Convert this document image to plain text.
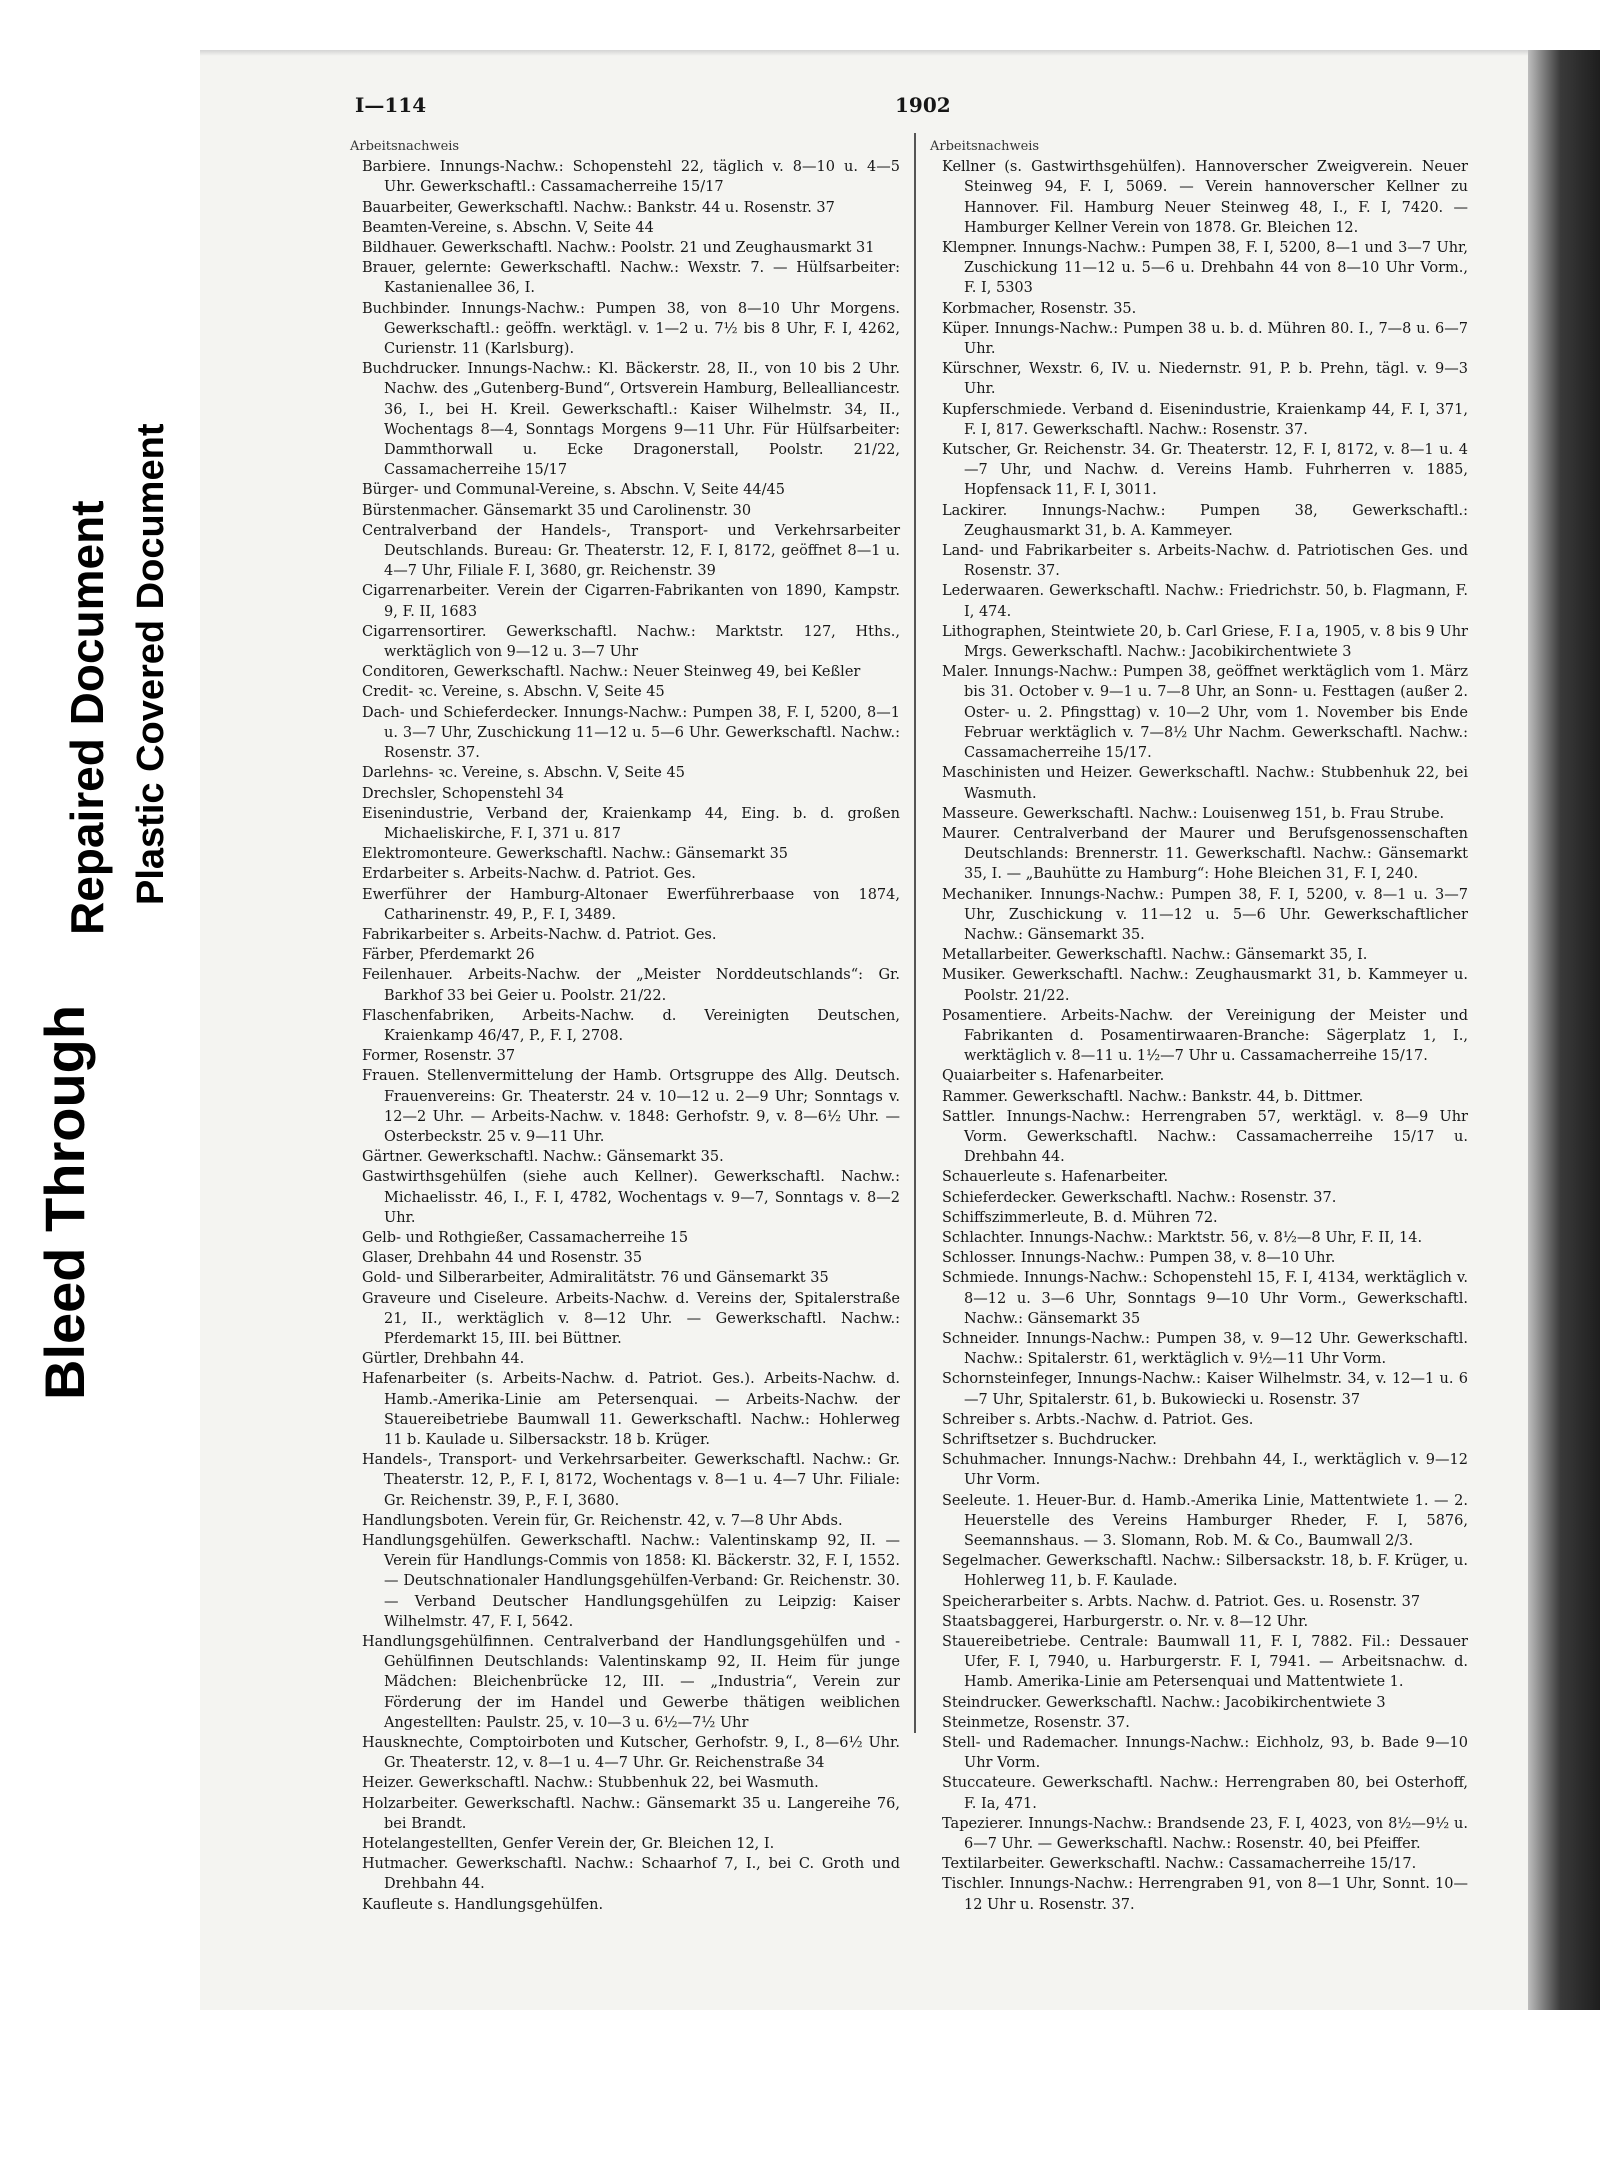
Bleed Through
Repaired Document Plastic Covered Document
I—114	1902
Arbeitsnachweis

Barbiere. Innungs-Nachw.: Schopenstehl 22, täglich v. 8—10 u. 4—5 Uhr. Gewerkschaftl.: Cassamacherreihe 15/17

Bauarbeiter, Gewerkschaftl. Nachw.: Bankstr. 44 u. Rosenstr. 37

Beamten-Vereine, s. Abschn. V, Seite 44

Bildhauer. Gewerkschaftl. Nachw.: Poolstr. 21 und Zeughausmarkt 31

Brauer, gelernte: Gewerkschaftl. Nachw.: Wexstr. 7. — Hülfsarbeiter: Kastanienallee 36, I.

Buchbinder. Innungs-Nachw.: Pumpen 38, von 8—10 Uhr Morgens. Gewerkschaftl.: geöffn. werktägl. v. 1—2 u. 7½ bis 8 Uhr, F. I, 4262, Curienstr. 11 (Karlsburg).

Buchdrucker. Innungs-Nachw.: Kl. Bäckerstr. 28, II., von 10 bis 2 Uhr. Nachw. des „Gutenberg-Bund“, Ortsverein Hamburg, Bellealliancestr. 36, I., bei H. Kreil. Gewerkschaftl.: Kaiser Wilhelmstr. 34, II., Wochentags 8—4, Sonntags Morgens 9—11 Uhr. Für Hülfsarbeiter: Dammthorwall u. Ecke Dragonerstall, Poolstr. 21/22, Cassamacherreihe 15/17

Bürger- und Communal-Vereine, s. Abschn. V, Seite 44/45

Bürstenmacher. Gänsemarkt 35 und Carolinenstr. 30

Centralverband der Handels-, Transport- und Verkehrsarbeiter Deutschlands. Bureau: Gr. Theaterstr. 12, F. I, 8172, geöffnet 8—1 u. 4—7 Uhr, Filiale F. I, 3680, gr. Reichenstr. 39

Cigarrenarbeiter. Verein der Cigarren-Fabrikanten von 1890, Kampstr. 9, F. II, 1683

Cigarrensortirer. Gewerkschaftl. Nachw.: Marktstr. 127, Hths., werktäglich von 9—12 u. 3—7 Uhr

Conditoren, Gewerkschaftl. Nachw.: Neuer Steinweg 49, bei Keßler

Credit- ꝛc. Vereine, s. Abschn. V, Seite 45

Dach- und Schieferdecker. Innungs-Nachw.: Pumpen 38, F. I, 5200, 8—1 u. 3—7 Uhr, Zuschickung 11—12 u. 5—6 Uhr. Gewerkschaftl. Nachw.: Rosenstr. 37.

Darlehns- ꝛc. Vereine, s. Abschn. V, Seite 45

Drechsler, Schopenstehl 34

Eisenindustrie, Verband der, Kraienkamp 44, Eing. b. d. großen Michaeliskirche, F. I, 371 u. 817

Elektromonteure. Gewerkschaftl. Nachw.: Gänsemarkt 35

Erdarbeiter s. Arbeits-Nachw. d. Patriot. Ges.

Ewerführer der Hamburg-Altonaer Ewerführerbaase von 1874, Catharinenstr. 49, P., F. I, 3489.

Fabrikarbeiter s. Arbeits-Nachw. d. Patriot. Ges.

Färber, Pferdemarkt 26

Feilenhauer. Arbeits-Nachw. der „Meister Norddeutschlands“: Gr. Barkhof 33 bei Geier u. Poolstr. 21/22.

Flaschenfabriken, Arbeits-Nachw. d. Vereinigten Deutschen, Kraienkamp 46/47, P., F. I, 2708.

Former, Rosenstr. 37

Frauen. Stellenvermittelung der Hamb. Ortsgruppe des Allg. Deutsch. Frauenvereins: Gr. Theaterstr. 24 v. 10—12 u. 2—9 Uhr; Sonntags v. 12—2 Uhr. — Arbeits-Nachw. v. 1848: Gerhofstr. 9, v. 8—6½ Uhr. — Osterbeckstr. 25 v. 9—11 Uhr.

Gärtner. Gewerkschaftl. Nachw.: Gänsemarkt 35.

Gastwirthsgehülfen (siehe auch Kellner). Gewerkschaftl. Nachw.: Michaelisstr. 46, I., F. I, 4782, Wochentags v. 9—7, Sonntags v. 8—2 Uhr.

Gelb- und Rothgießer, Cassamacherreihe 15

Glaser, Drehbahn 44 und Rosenstr. 35

Gold- und Silberarbeiter, Admiralitätstr. 76 und Gänsemarkt 35

Graveure und Ciseleure. Arbeits-Nachw. d. Vereins der, Spitalerstraße 21, II., werktäglich v. 8—12 Uhr. — Gewerkschaftl. Nachw.: Pferdemarkt 15, III. bei Büttner.

Gürtler, Drehbahn 44.

Hafenarbeiter (s. Arbeits-Nachw. d. Patriot. Ges.). Arbeits-Nachw. d. Hamb.-Amerika-Linie am Petersenquai. — Arbeits-Nachw. der Stauereibetriebe Baumwall 11. Gewerkschaftl. Nachw.: Hohlerweg 11 b. Kaulade u. Silbersackstr. 18 b. Krüger.

Handels-, Transport- und Verkehrsarbeiter. Gewerkschaftl. Nachw.: Gr. Theaterstr. 12, P., F. I, 8172, Wochentags v. 8—1 u. 4—7 Uhr. Filiale: Gr. Reichenstr. 39, P., F. I, 3680.

Handlungsboten. Verein für, Gr. Reichenstr. 42, v. 7—8 Uhr Abds.

Handlungsgehülfen. Gewerkschaftl. Nachw.: Valentinskamp 92, II. — Verein für Handlungs-Commis von 1858: Kl. Bäckerstr. 32, F. I, 1552. — Deutschnationaler Handlungsgehülfen-Verband: Gr. Reichenstr. 30. — Verband Deutscher Handlungsgehülfen zu Leipzig: Kaiser Wilhelmstr. 47, F. I, 5642.

Handlungsgehülfinnen. Centralverband der Handlungsgehülfen und -Gehülfinnen Deutschlands: Valentinskamp 92, II. Heim für junge Mädchen: Bleichenbrücke 12, III. — „Industria“, Verein zur Förderung der im Handel und Gewerbe thätigen weiblichen Angestellten: Paulstr. 25, v. 10—3 u. 6½—7½ Uhr

Hausknechte, Comptoirboten und Kutscher, Gerhofstr. 9, I., 8—6½ Uhr. Gr. Theaterstr. 12, v. 8—1 u. 4—7 Uhr. Gr. Reichenstraße 34

Heizer. Gewerkschaftl. Nachw.: Stubbenhuk 22, bei Wasmuth.

Holzarbeiter. Gewerkschaftl. Nachw.: Gänsemarkt 35 u. Langereihe 76, bei Brandt.

Hotelangestellten, Genfer Verein der, Gr. Bleichen 12, I.

Hutmacher. Gewerkschaftl. Nachw.: Schaarhof 7, I., bei C. Groth und Drehbahn 44.

Kaufleute s. Handlungsgehülfen.

Arbeitsnachweis

Kellner (s. Gastwirthsgehülfen). Hannoverscher Zweigverein. Neuer Steinweg 94, F. I, 5069. — Verein hannoverscher Kellner zu Hannover. Fil. Hamburg Neuer Steinweg 48, I., F. I, 7420. — Hamburger Kellner Verein von 1878. Gr. Bleichen 12.

Klempner. Innungs-Nachw.: Pumpen 38, F. I, 5200, 8—1 und 3—7 Uhr, Zuschickung 11—12 u. 5—6 u. Drehbahn 44 von 8—10 Uhr Vorm., F. I, 5303

Korbmacher, Rosenstr. 35.

Küper. Innungs-Nachw.: Pumpen 38 u. b. d. Mühren 80. I., 7—8 u. 6—7 Uhr.

Kürschner, Wexstr. 6, IV. u. Niedernstr. 91, P. b. Prehn, tägl. v. 9—3 Uhr.

Kupferschmiede. Verband d. Eisenindustrie, Kraienkamp 44, F. I, 371, F. I, 817. Gewerkschaftl. Nachw.: Rosenstr. 37.

Kutscher, Gr. Reichenstr. 34. Gr. Theaterstr. 12, F. I, 8172, v. 8—1 u. 4—7 Uhr, und Nachw. d. Vereins Hamb. Fuhrherren v. 1885, Hopfensack 11, F. I, 3011.

Lackirer. Innungs-Nachw.: Pumpen 38, Gewerkschaftl.: Zeughausmarkt 31, b. A. Kammeyer.

Land- und Fabrikarbeiter s. Arbeits-Nachw. d. Patriotischen Ges. und Rosenstr. 37.

Lederwaaren. Gewerkschaftl. Nachw.: Friedrichstr. 50, b. Flagmann, F. I, 474.

Lithographen, Steintwiete 20, b. Carl Griese, F. I a, 1905, v. 8 bis 9 Uhr Mrgs. Gewerkschaftl. Nachw.: Jacobikirchentwiete 3

Maler. Innungs-Nachw.: Pumpen 38, geöffnet werktäglich vom 1. März bis 31. October v. 9—1 u. 7—8 Uhr, an Sonn- u. Festtagen (außer 2. Oster- u. 2. Pfingsttag) v. 10—2 Uhr, vom 1. November bis Ende Februar werktäglich v. 7—8½ Uhr Nachm. Gewerkschaftl. Nachw.: Cassamacherreihe 15/17.

Maschinisten und Heizer. Gewerkschaftl. Nachw.: Stubbenhuk 22, bei Wasmuth.

Masseure. Gewerkschaftl. Nachw.: Louisenweg 151, b. Frau Strube.

Maurer. Centralverband der Maurer und Berufsgenossenschaften Deutschlands: Brennerstr. 11. Gewerkschaftl. Nachw.: Gänsemarkt 35, I. — „Bauhütte zu Hamburg“: Hohe Bleichen 31, F. I, 240.

Mechaniker. Innungs-Nachw.: Pumpen 38, F. I, 5200, v. 8—1 u. 3—7 Uhr, Zuschickung v. 11—12 u. 5—6 Uhr. Gewerkschaftlicher Nachw.: Gänsemarkt 35.

Metallarbeiter. Gewerkschaftl. Nachw.: Gänsemarkt 35, I.

Musiker. Gewerkschaftl. Nachw.: Zeughausmarkt 31, b. Kammeyer u. Poolstr. 21/22.

Posamentiere. Arbeits-Nachw. der Vereinigung der Meister und Fabrikanten d. Posamentirwaaren-Branche: Sägerplatz 1, I., werktäglich v. 8—11 u. 1½—7 Uhr u. Cassamacherreihe 15/17.

Quaiarbeiter s. Hafenarbeiter.

Rammer. Gewerkschaftl. Nachw.: Bankstr. 44, b. Dittmer.

Sattler. Innungs-Nachw.: Herrengraben 57, werktägl. v. 8—9 Uhr Vorm. Gewerkschaftl. Nachw.: Cassamacherreihe 15/17 u. Drehbahn 44.

Schauerleute s. Hafenarbeiter.

Schieferdecker. Gewerkschaftl. Nachw.: Rosenstr. 37.

Schiffszimmerleute, B. d. Mühren 72.

Schlachter. Innungs-Nachw.: Marktstr. 56, v. 8½—8 Uhr, F. II, 14.

Schlosser. Innungs-Nachw.: Pumpen 38, v. 8—10 Uhr.

Schmiede. Innungs-Nachw.: Schopenstehl 15, F. I, 4134, werktäglich v. 8—12 u. 3—6 Uhr, Sonntags 9—10 Uhr Vorm., Gewerkschaftl. Nachw.: Gänsemarkt 35

Schneider. Innungs-Nachw.: Pumpen 38, v. 9—12 Uhr. Gewerkschaftl. Nachw.: Spitalerstr. 61, werktäglich v. 9½—11 Uhr Vorm.

Schornsteinfeger, Innungs-Nachw.: Kaiser Wilhelmstr. 34, v. 12—1 u. 6—7 Uhr, Spitalerstr. 61, b. Bukowiecki u. Rosenstr. 37

Schreiber s. Arbts.-Nachw. d. Patriot. Ges.

Schriftsetzer s. Buchdrucker.

Schuhmacher. Innungs-Nachw.: Drehbahn 44, I., werktäglich v. 9—12 Uhr Vorm.

Seeleute. 1. Heuer-Bur. d. Hamb.-Amerika Linie, Mattentwiete 1. — 2. Heuerstelle des Vereins Hamburger Rheder, F. I, 5876, Seemannshaus. — 3. Slomann, Rob. M. & Co., Baumwall 2/3.

Segelmacher. Gewerkschaftl. Nachw.: Silbersackstr. 18, b. F. Krüger, u. Hohlerweg 11, b. F. Kaulade.

Speicherarbeiter s. Arbts. Nachw. d. Patriot. Ges. u. Rosenstr. 37

Staatsbaggerei, Harburgerstr. o. Nr. v. 8—12 Uhr.

Stauereibetriebe. Centrale: Baumwall 11, F. I, 7882. Fil.: Dessauer Ufer, F. I, 7940, u. Harburgerstr. F. I, 7941. — Arbeitsnachw. d. Hamb. Amerika-Linie am Petersenquai und Mattentwiete 1.

Steindrucker. Gewerkschaftl. Nachw.: Jacobikirchentwiete 3

Steinmetze, Rosenstr. 37.

Stell- und Rademacher. Innungs-Nachw.: Eichholz, 93, b. Bade 9—10 Uhr Vorm.

Stuccateure. Gewerkschaftl. Nachw.: Herrengraben 80, bei Osterhoff, F. Ia, 471.

Tapezierer. Innungs-Nachw.: Brandsende 23, F. I, 4023, von 8½—9½ u. 6—7 Uhr. — Gewerkschaftl. Nachw.: Rosenstr. 40, bei Pfeiffer.

Textilarbeiter. Gewerkschaftl. Nachw.: Cassamacherreihe 15/17.

Tischler. Innungs-Nachw.: Herrengraben 91, von 8—1 Uhr, Sonnt. 10—12 Uhr u. Rosenstr. 37.
